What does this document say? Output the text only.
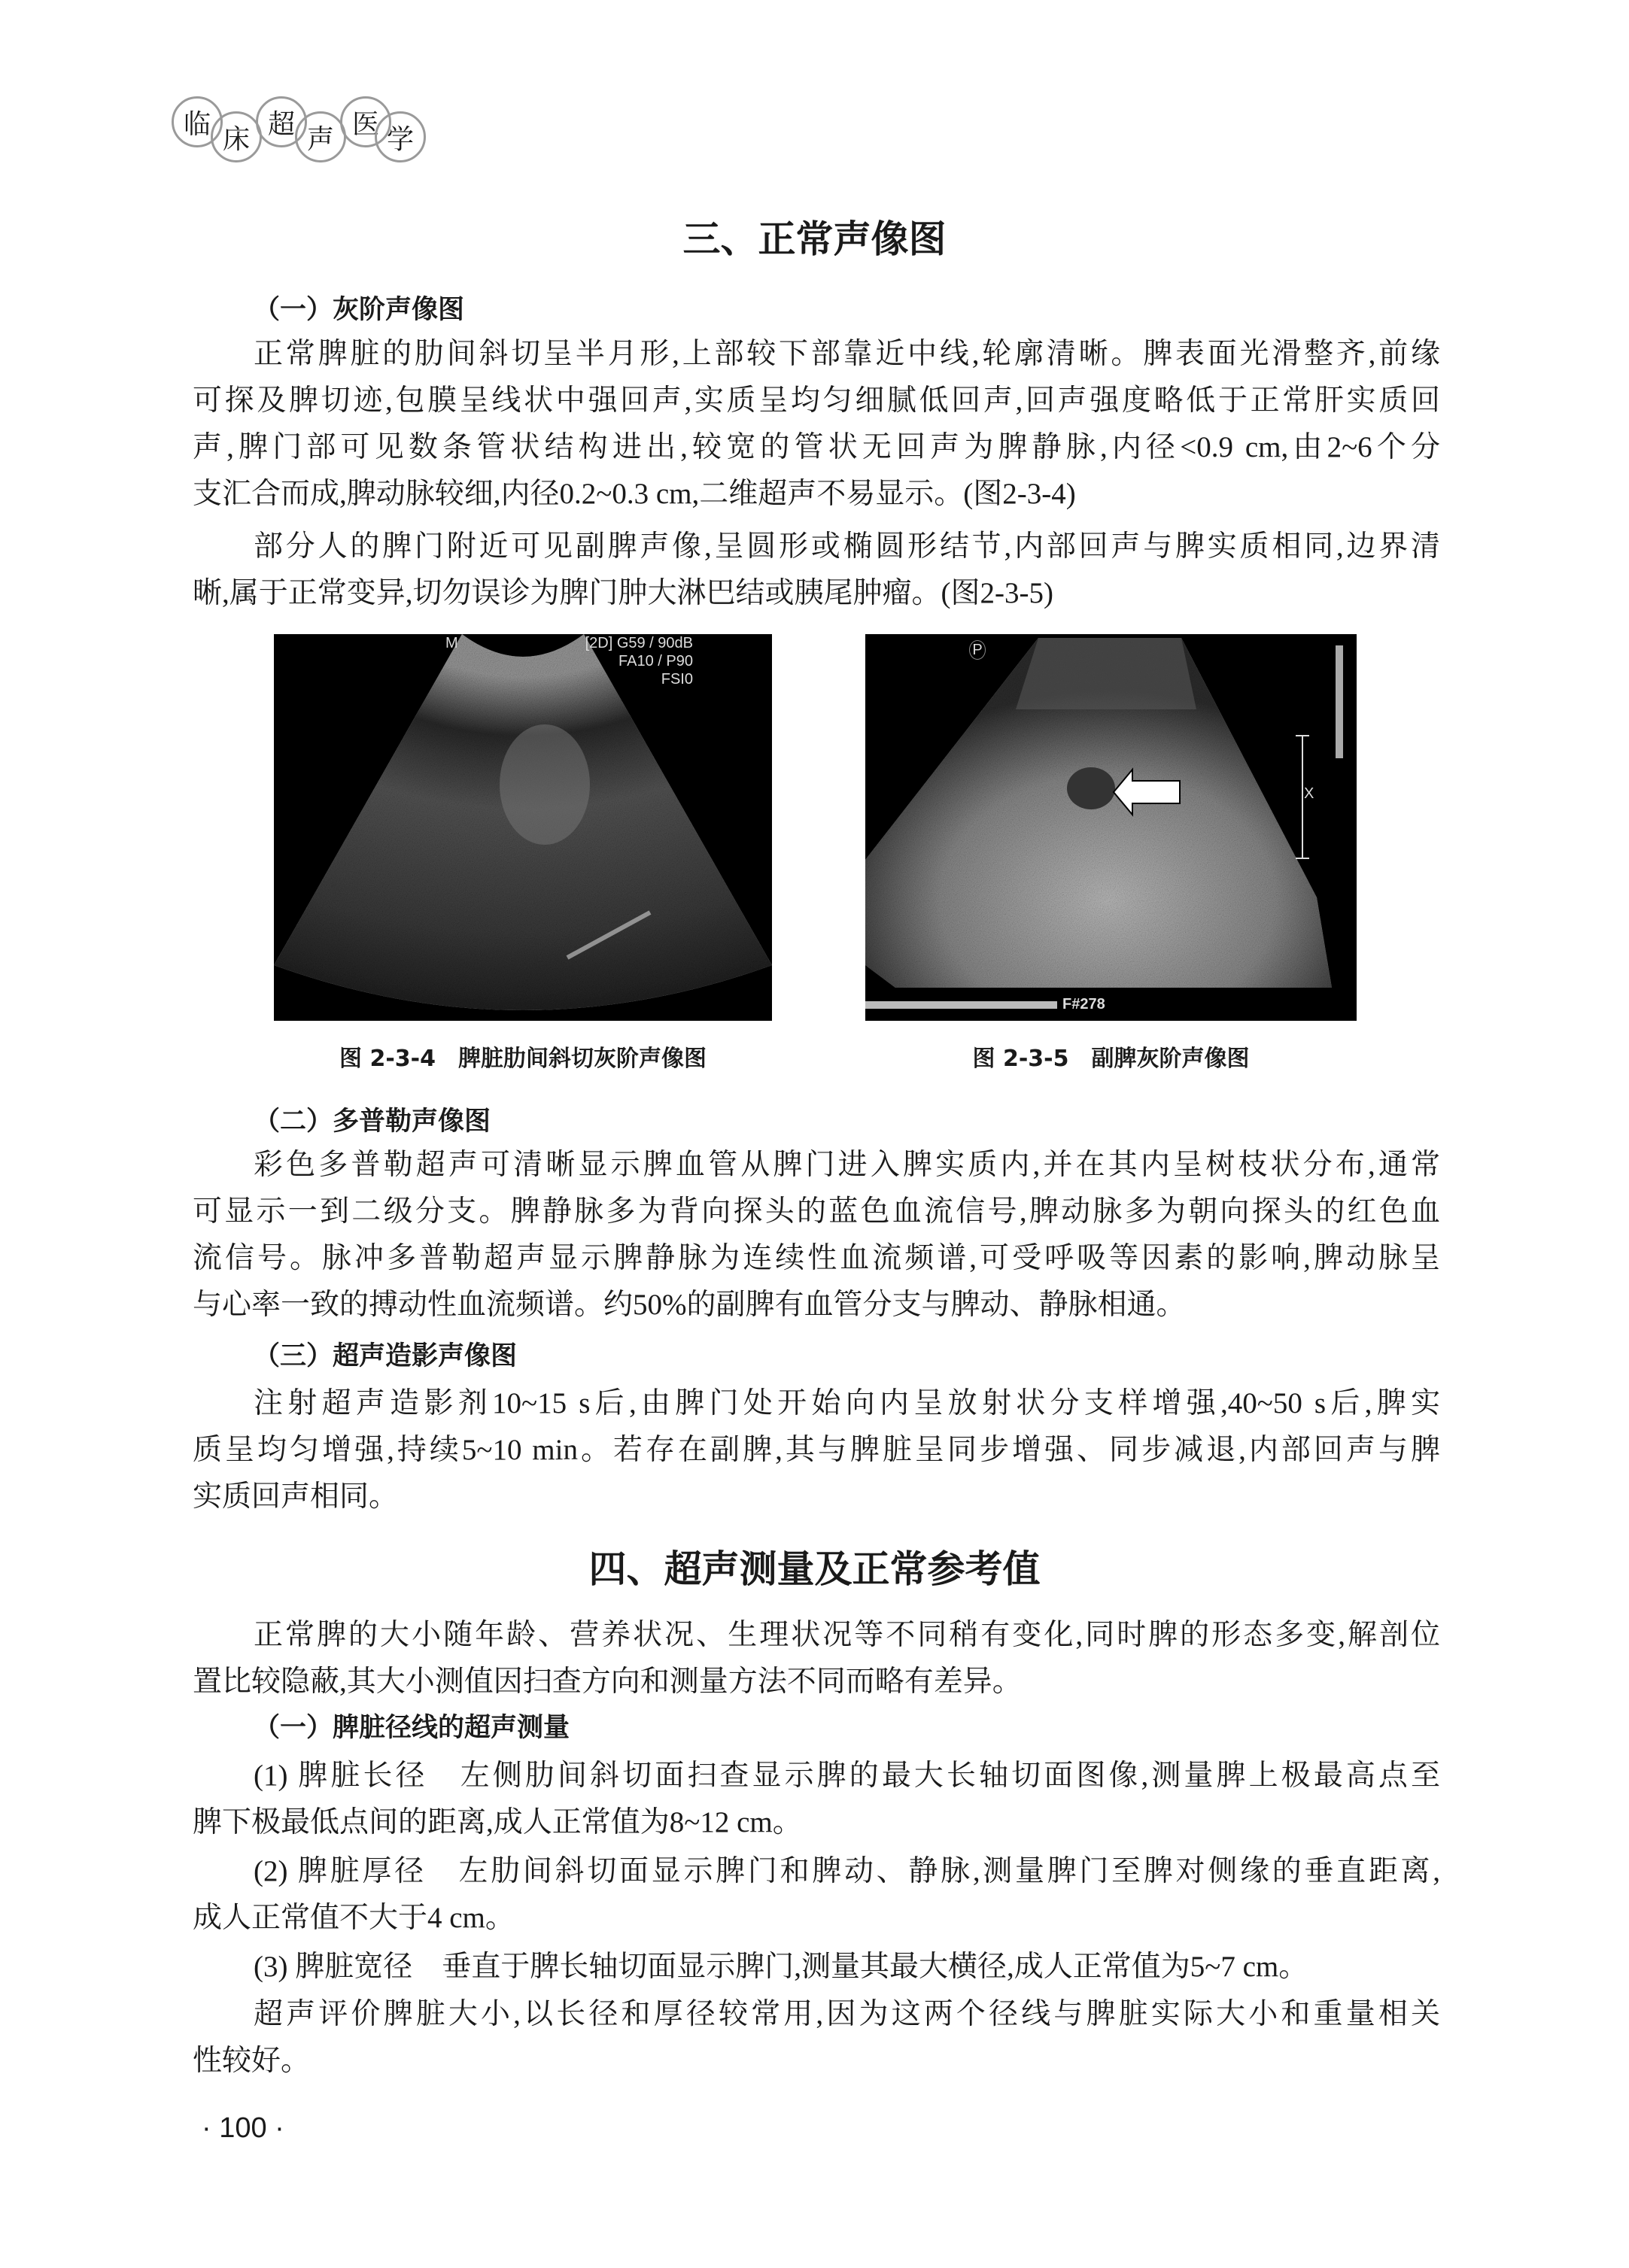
临 床 超 声 医 学
三、正常声像图
（一）灰阶声像图
正常脾脏的肋间斜切呈半月形,上部较下部靠近中线,轮廓清晰。脾表面光滑整齐,前缘
可探及脾切迹,包膜呈线状中强回声,实质呈均匀细腻低回声,回声强度略低于正常肝实质回
声,脾门部可见数条管状结构进出,较宽的管状无回声为脾静脉,内径<0.9 cm,由2~6个分
支汇合而成,脾动脉较细,内径0.2~0.3 cm,二维超声不易显示。(图2-3-4)
部分人的脾门附近可见副脾声像,呈圆形或椭圆形结节,内部回声与脾实质相同,边界清
晰,属于正常变异,切勿误诊为脾门肿大淋巴结或胰尾肿瘤。(图2-3-5)
M	[2D] G59 / 90dB
FA10 / P90
FSI0
图 2-3-4　脾脏肋间斜切灰阶声像图
P
X
F#278
图 2-3-5　副脾灰阶声像图
（二）多普勒声像图
彩色多普勒超声可清晰显示脾血管从脾门进入脾实质内,并在其内呈树枝状分布,通常
可显示一到二级分支。脾静脉多为背向探头的蓝色血流信号,脾动脉多为朝向探头的红色血
流信号。脉冲多普勒超声显示脾静脉为连续性血流频谱,可受呼吸等因素的影响,脾动脉呈
与心率一致的搏动性血流频谱。约50%的副脾有血管分支与脾动、静脉相通。
（三）超声造影声像图
注射超声造影剂10~15 s后,由脾门处开始向内呈放射状分支样增强,40~50 s后,脾实
质呈均匀增强,持续5~10 min。若存在副脾,其与脾脏呈同步增强、同步减退,内部回声与脾
实质回声相同。
四、超声测量及正常参考值
正常脾的大小随年龄、营养状况、生理状况等不同稍有变化,同时脾的形态多变,解剖位
置比较隐蔽,其大小测值因扫查方向和测量方法不同而略有差异。
（一）脾脏径线的超声测量
(1) 脾脏长径　左侧肋间斜切面扫查显示脾的最大长轴切面图像,测量脾上极最高点至
脾下极最低点间的距离,成人正常值为8~12 cm。
(2) 脾脏厚径　左肋间斜切面显示脾门和脾动、静脉,测量脾门至脾对侧缘的垂直距离,
成人正常值不大于4 cm。
(3) 脾脏宽径　垂直于脾长轴切面显示脾门,测量其最大横径,成人正常值为5~7 cm。
超声评价脾脏大小,以长径和厚径较常用,因为这两个径线与脾脏实际大小和重量相关
性较好。
· 100 ·
